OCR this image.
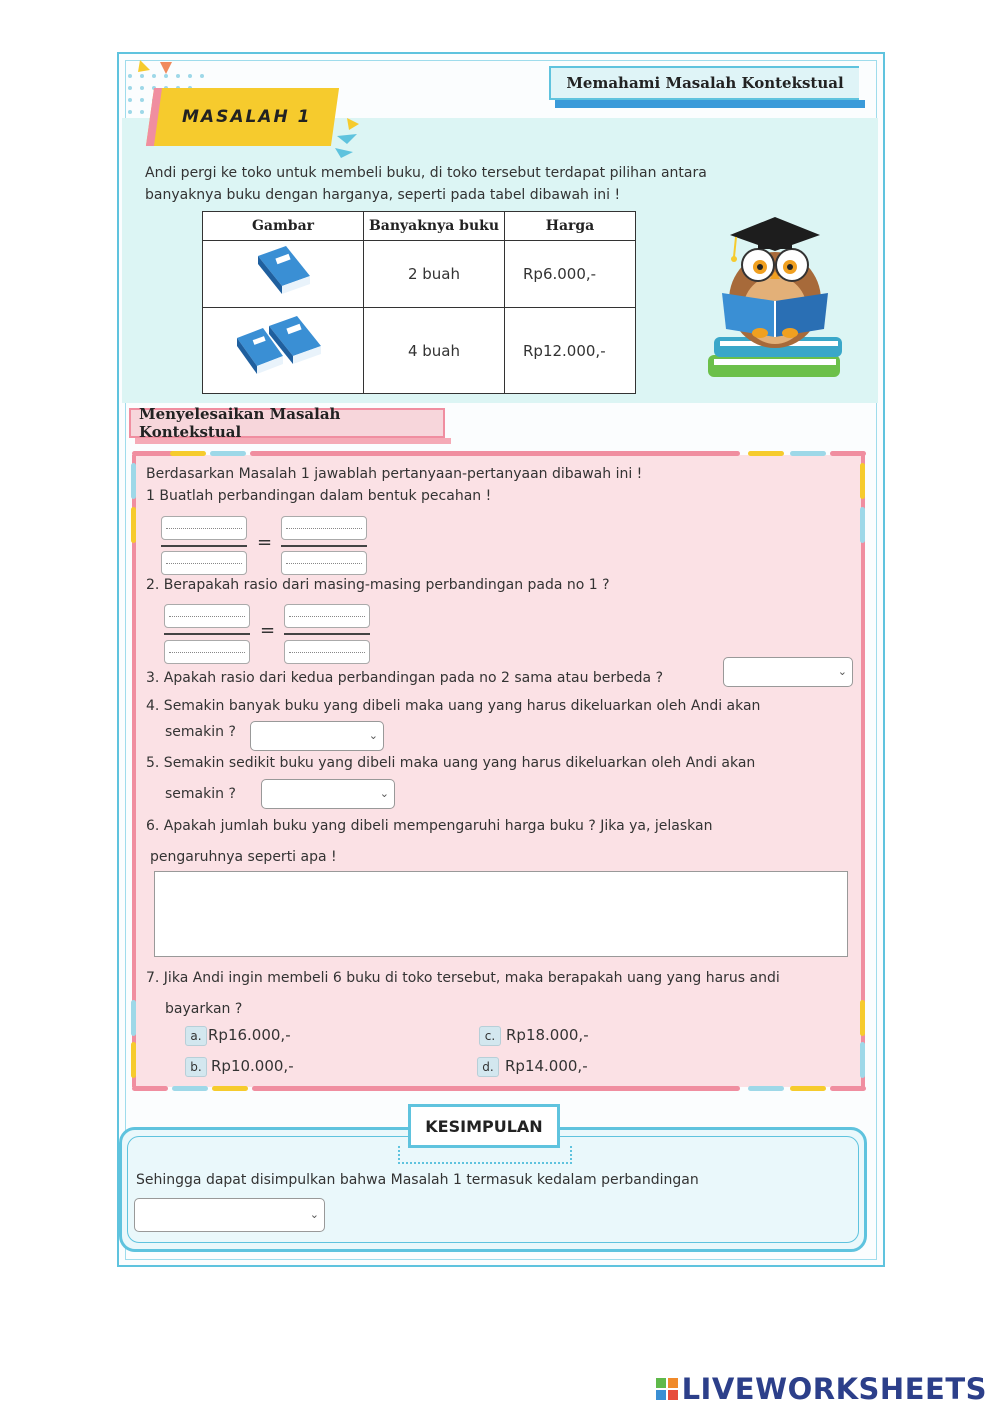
Memahami Masalah Kontekstual
MASALAH 1
Andi pergi ke toko untuk membeli buku, di toko tersebut terdapat pilihan antara
banyaknya buku dengan harganya, seperti pada tabel dibawah ini !
Gambar	Banyaknya buku	Harga
	2 buah	Rp6.000,-
	4 buah	Rp12.000,-
Menyelesaikan Masalah Kontekstual
Berdasarkan Masalah 1 jawablah pertanyaan-pertanyaan dibawah ini !
1 Buatlah perbandingan dalam bentuk pecahan !
=
2. Berapakah rasio dari masing-masing perbandingan pada no 1 ?
=
3. Apakah rasio dari kedua perbandingan pada no 2 sama atau berbeda ?	⌄
4. Semakin banyak buku yang dibeli maka uang yang harus dikeluarkan oleh Andi akan
semakin ?	⌄
5. Semakin sedikit buku yang dibeli maka uang yang harus dikeluarkan oleh Andi akan
semakin ?	⌄
6. Apakah jumlah buku yang dibeli mempengaruhi harga buku ? Jika ya, jelaskan
pengaruhnya seperti apa !
7. Jika Andi ingin membeli 6 buku di toko tersebut, maka berapakah uang yang harus andi
bayarkan ?
a. Rp16.000,-	c. Rp18.000,-
b. Rp10.000,-	d. Rp14.000,-
KESIMPULAN
Sehingga dapat disimpulkan bahwa Masalah 1 termasuk kedalam perbandingan
⌄
LIVEWORKSHEETS
